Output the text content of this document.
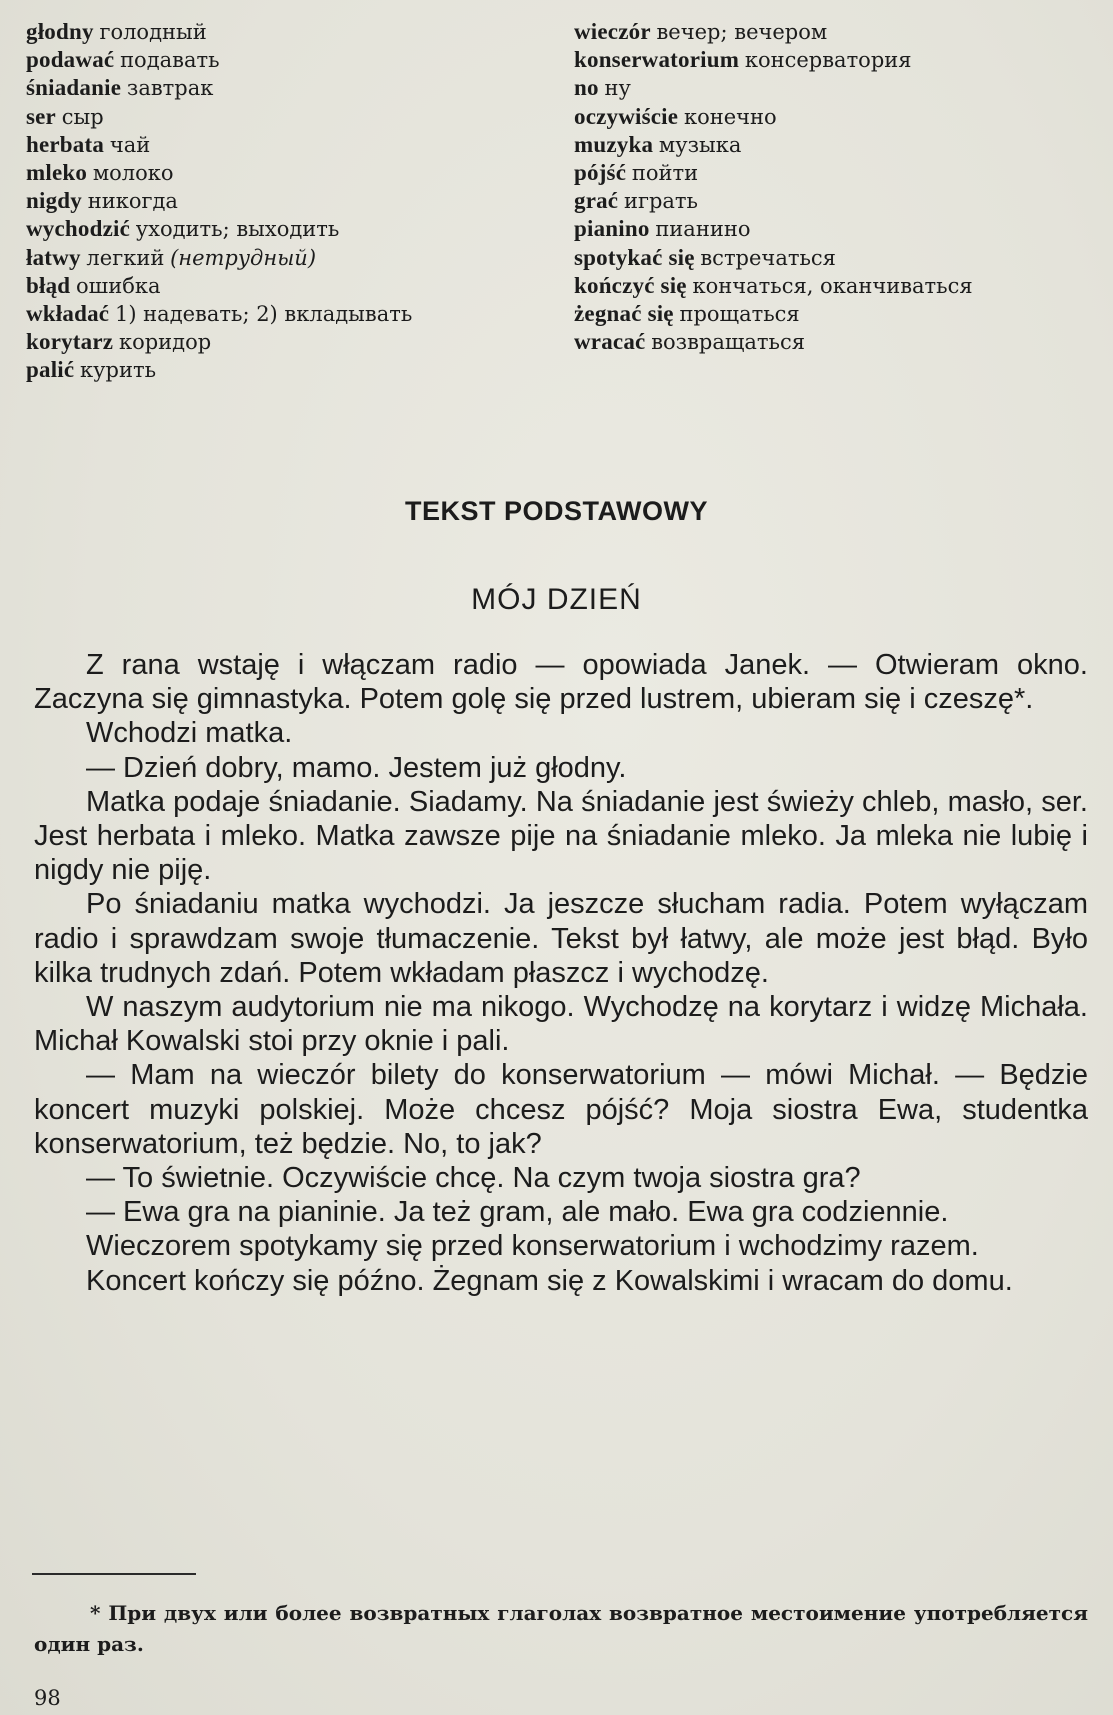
głodny голодный
podawać подавать
śniadanie завтрак
ser сыр
herbata чай
mleko молоко
nigdy никогда
wychodzić уходить; выходить
łatwy легкий (нетрудный)
błąd ошибка
wkładać 1) надевать; 2) вкладывать
korytarz коридор
palić курить
wieczór вечер; вечером
konserwatorium консерватория
no ну
oczywiście конечно
muzyka музыка
pójść пойти
grać играть
pianino пианино
spotykać się встречаться
kończyć się кончаться, оканчиваться
żegnać się прощаться
wracać возвращаться
TEKST PODSTAWOWY
MÓJ DZIEŃ

Z rana wstaję i włączam radio — opowiada Janek. — Otwieram okno. Zaczyna się gimnastyka. Potem golę się przed lustrem, ubieram się i czeszę*.

Wchodzi matka.

— Dzień dobry, mamo. Jestem już głodny.

Matka podaje śniadanie. Siadamy. Na śniadanie jest świeży chleb, masło, ser. Jest herbata i mleko. Matka zawsze pije na śniadanie mleko. Ja mleka nie lubię i nigdy nie piję.

Po śniadaniu matka wychodzi. Ja jeszcze słucham radia. Potem wyłączam radio i sprawdzam swoje tłumaczenie. Tekst był łatwy, ale może jest błąd. Było kilka trudnych zdań. Potem wkładam płaszcz i wychodzę.

W naszym audytorium nie ma nikogo. Wychodzę na korytarz i widzę Michała. Michał Kowalski stoi przy oknie i pali.

— Mam na wieczór bilety do konserwatorium — mówi Michał. — Będzie koncert muzyki polskiej. Może chcesz pójść? Moja siostra Ewa, studentka konserwatorium, też będzie. No, to jak?

— To świetnie. Oczywiście chcę. Na czym twoja siostra gra?

— Ewa gra na pianinie. Ja też gram, ale mało. Ewa gra codziennie.

Wieczorem spotykamy się przed konserwatorium i wchodzimy razem.

Koncert kończy się późno. Żegnam się z Kowalskimi i wracam do domu.

* При двух или более возвратных глаголах возвратное местоимение употребляется один раз.

98
